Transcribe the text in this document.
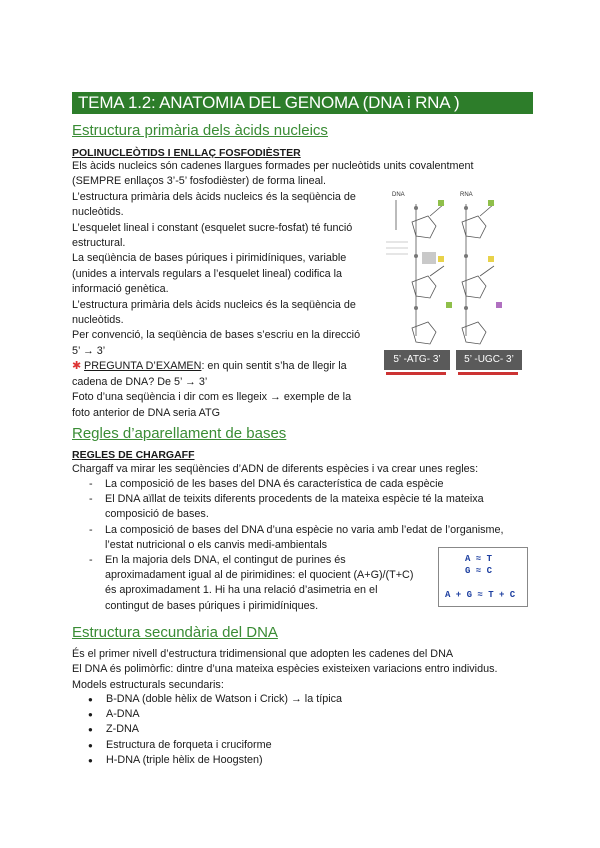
TEMA 1.2: ANATOMIA DEL GENOMA (DNA i RNA )
Estructura primària dels àcids nucleics
POLINUCLEÒTIDS I ENLLAÇ FOSFODIÈSTER
Els àcids nucleics són cadenes llargues formades per nucleòtids units covalentment
(SEMPRE enllaços 3’-5’ fosfodièster) de forma lineal.
L’estructura primària dels àcids nucleics és la seqüència de
nucleòtids.
L’esquelet lineal i constant (esquelet sucre-fosfat) té funció
estructural.
La seqüència de bases púriques i pirimidíniques, variable
(unides a intervals regulars a l’esquelet lineal) codifica la
informació genètica.
L’estructura primària dels àcids nucleics és la seqüència de
nucleòtids.
Per convenció, la seqüència de bases s’escriu en la direcció
5’ → 3’
✱ PREGUNTA D’EXAMEN: en quin sentit s’ha de llegir la
cadena de DNA? De 5’ → 3’
Foto d’una seqüència i dir com es llegeix → exemple de la
foto anterior de DNA seria ATG
DNA	RNA
5’ -ATG- 3’	5’ -UGC- 3’
Regles d’aparellament de bases
REGLES DE CHARGAFF
Chargaff va mirar les seqüències d’ADN de diferents espècies i va crear unes regles:
- La composició de les bases del DNA és característica de cada espècie
- El DNA aïllat de teixits diferents procedents de la mateixa espècie té la mateixa
composició de bases.
- La composició de bases del DNA d’una espècie no varia amb l’edat de l’organisme,
l’estat nutricional o els canvis medi-ambientals
- En la majoria dels DNA, el contingut de purines és
aproximadament igual al de pirimidines: el quocient (A+G)/(T+C)
és aproximadament 1. Hi ha una relació d’asimetria en el
contingut de bases púriques i pirimidíniques.
A ≈ T
G ≈ C
A + G ≈ T + C
Estructura secundària del DNA
És el primer nivell d’estructura tridimensional que adopten les cadenes del DNA
El DNA és polimòrfic: dintre d’una mateixa espècies existeixen variacions entro individus.
Models estructurals secundaris:
● B-DNA (doble hèlix de Watson i Crick) → la típica
● A-DNA
● Z-DNA
● Estructura de forqueta i cruciforme
● H-DNA (triple hèlix de Hoogsten)
